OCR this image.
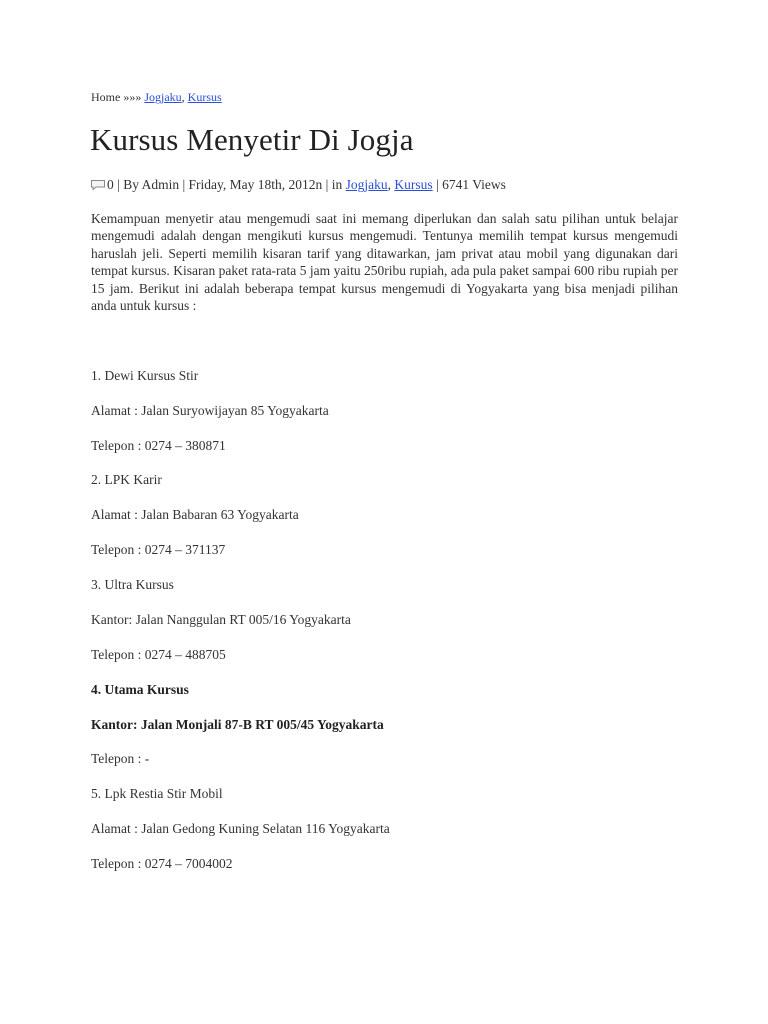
Home »»» Jogjaku, Kursus
Kursus Menyetir Di Jogja
0 | By Admin | Friday, May 18th, 2012n | in Jogjaku , Kursus | 6741 Views

Kemampuan menyetir atau mengemudi saat ini memang diperlukan dan salah satu pilihan untuk belajar mengemudi adalah dengan mengikuti kursus mengemudi. Tentunya memilih tempat kursus mengemudi haruslah jeli. Seperti memilih kisaran tarif yang ditawarkan, jam privat atau mobil yang digunakan dari tempat kursus. Kisaran paket rata-rata 5 jam yaitu 250ribu rupiah, ada pula paket sampai 600 ribu rupiah per 15 jam. Berikut ini adalah beberapa tempat kursus mengemudi di Yogyakarta yang bisa menjadi pilihan anda untuk kursus :

1. Dewi Kursus Stir
Alamat : Jalan Suryowijayan 85 Yogyakarta
Telepon : 0274 – 380871
2. LPK Karir
Alamat : Jalan Babaran 63 Yogyakarta
Telepon : 0274 – 371137
3. Ultra Kursus
Kantor: Jalan Nanggulan RT 005/16 Yogyakarta
Telepon : 0274 – 488705
4. Utama Kursus
Kantor: Jalan Monjali 87-B RT 005/45 Yogyakarta
Telepon : -
5. Lpk Restia Stir Mobil
Alamat : Jalan Gedong Kuning Selatan 116 Yogyakarta
Telepon : 0274 – 7004002
